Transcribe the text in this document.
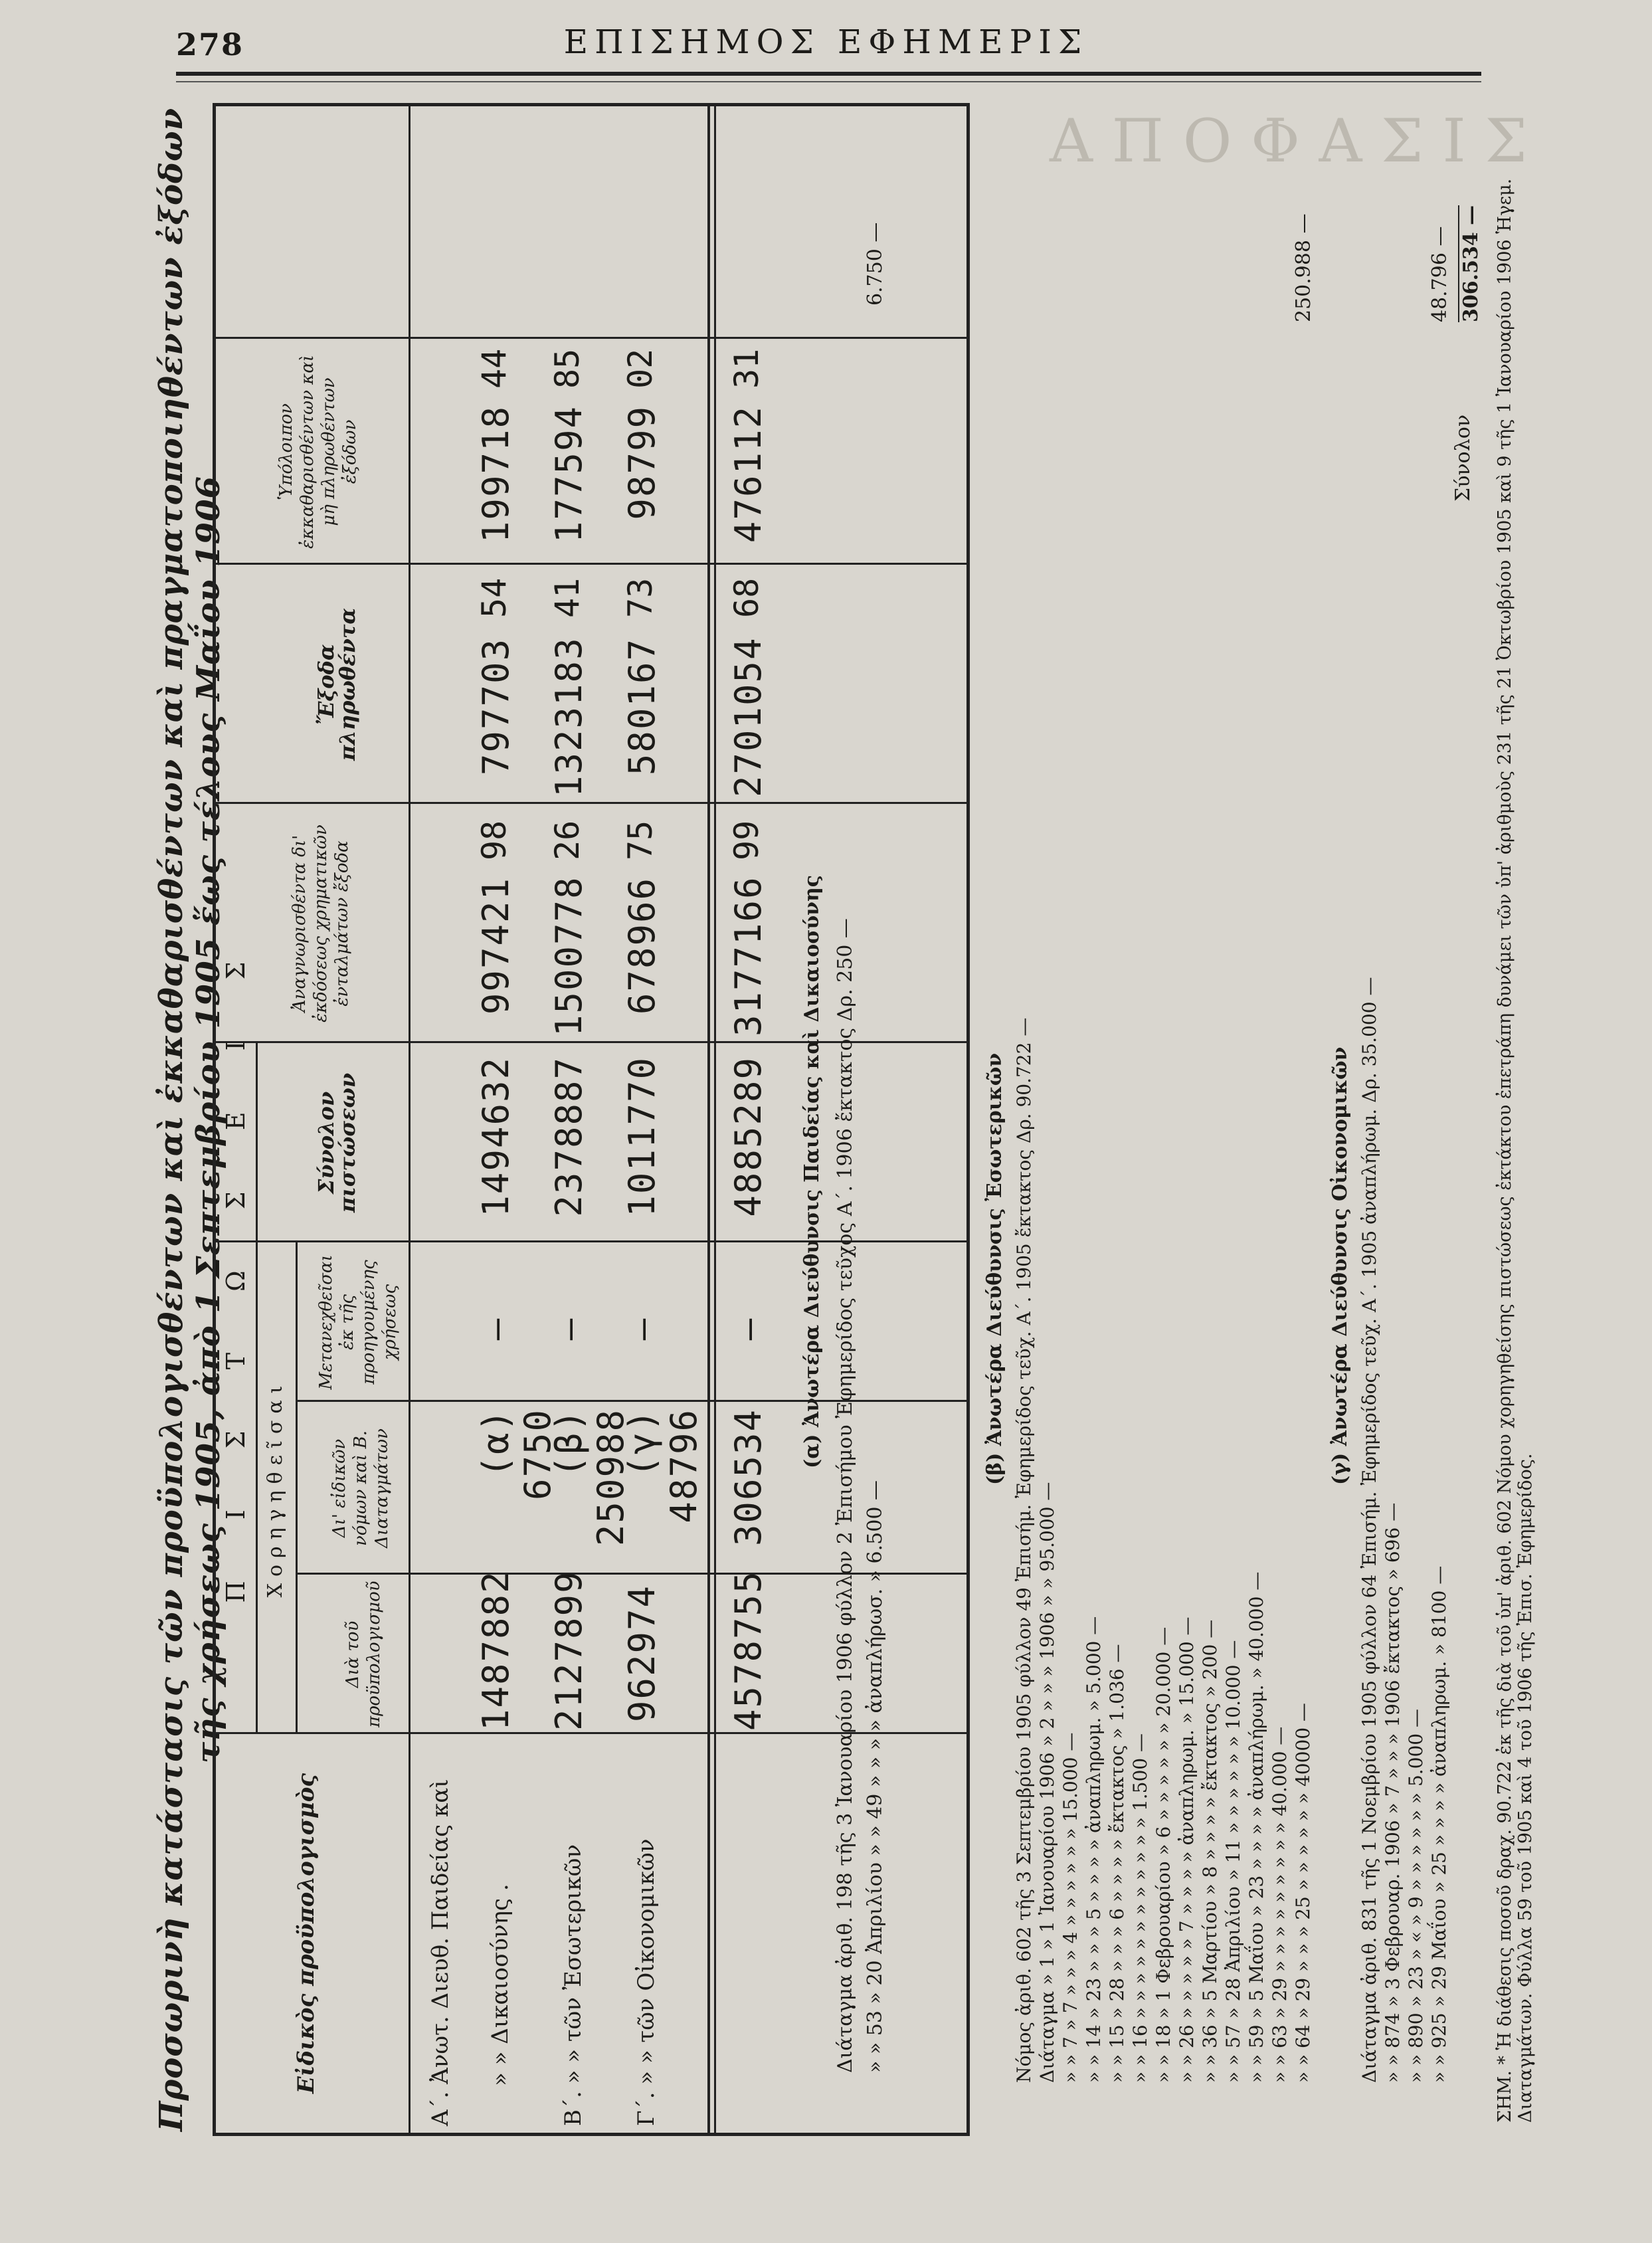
278	ΕΠΙΣΗΜΟΣ ΕΦΗΜΕΡΙΣ
Α Π Ο Φ Α Σ Ι Σ
Προσωρινὴ κατάστασις τῶν προϋπολογισθέντων καὶ ἐκκαθαρισθέντων καὶ πραγματοποιηθέντων ἐξόδων τῆς χρήσεως 1905, ἀπὸ 1 Σεπτεμβρίου 1905 ἕως τέλους Μαΐου 1906
Εἰδικὸς προϋπολογισμὸς
Π Ι Σ Τ Ω Σ Ε Ι Σ Χορηγηθεῖσαι
Διὰ τοῦ προϋπολογισμοῦ
Δι' εἰδικῶν νόμων καὶ Β. Διαταγμάτων
Μετανεχθεῖσαι ἐκ τῆς προηγουμένης χρήσεως
Σύνολον πιστώσεων
Ἀναγνωρισθέντα δι' ἐκδόσεως χρηματικῶν ἐνταλμάτων ἔξοδα
Ἔξοδα πληρωθέντα
Ὑπόλοιπον ἐκκαθαρισθέντων καὶ μὴ πληρωθέντων ἐξόδων
Α΄. Ἀνωτ. Διευθ. Παιδείας καὶ » » Δικαιοσύνης . Β΄. » » τῶν Ἐσωτερικῶν Γ΄. » » τῶν Οἰκονομικῶν
1487882
(α) 6750
—
1494632
997421
98
797703
54
199718
44
2127899
(β) 250988
—
2378887
1500778
26
1323183
41
177594
85
962974
(γ) 48796
—
1011770
678966
75
580167
73
98799
02
4578755
306534
—
4885289
3177166
99
2701054
68
476112
31
(α) Ἀνωτέρα Διεύθυνσις Παιδείας καὶ Δικαιοσύνης Διάταγμα ἀριθ. 198 τῆς 3 Ἰανουαρίου 1906 φύλλον 2 Ἐπισήμου Ἐφημερίδος τεῦχος Α΄. 1906 ἔκτακτος Δρ. 250 — » » 53 » 20 Ἀπριλίου » » 49 » » » » ἀναπλήρωσ. » 6.500 —
6.750 —
(β) Ἀνωτέρα Διεύθυνσις Ἐσωτερικῶν Νόμος ἀριθ. 602 τῆς 3 Σεπτεμβρίου 1905 φύλλον 49 Ἐπισήμ. Ἐφημερίδος τεῦχ. Α΄. 1905 ἔκτακτος Δρ. 90.722 — Διάταγμα » 1 » 1 Ἰανουαρίου 1906 » 2 » » » 1906 » » 95.000 — » » 7 » 7 » » » 4 » » » » » » 15.000 — » » 14 » 23 » » » 5 » » » » ἀναπληρωμ. » 5.000 — » » 15 » 28 » » » 6 » » » » ἔκτακτος » 1.036 — » » 16 » » » » » » » » » » » » 1.500 — » » 18 » 1 Φεβρουαρίου » 6 » » » » » » 20.000 — » » 26 » » » » » 7 » » » » ἀναπληρωμ. » 15.000 — » » 36 » 5 Μαρτίου » 8 » » » » ἔκτακτος » 200 — » » 57 » 28 Ἀπριλίου » 11 » » » » » » 10.000 — » » 59 » 5 Μαΐου » 23 » » » » ἀναπλήρωμ. » 40.000 — » » 63 » 29 » » » » » » » » » 40.000 — » » 64 » 29 » » » 25 » » » » » » 40000 —
250.988 —
(γ) Ἀνωτέρα Διεύθυνσις Οἰκονομικῶν Διάταγμα ἀριθ. 831 τῆς 1 Νοεμβρίου 1905 φύλλον 64 Ἐπισήμ. Ἐφημερίδος τεῦχ. Α΄. 1905 ἀναπλήρωμ. Δρ. 35.000 — » » 874 » 3 Φεβρουαρ. 1906 » 7 » » » 1906 ἔκτακτος » 696 — » » 890 » 23 » « » 9 » » » » » » 5.000 — » » 925 » 29 Μαΐου » 25 » » » » ἀναπληρωμ. » 8100 —
Σύνολον
48.796 — 306.534 — ΣΗΜ. * Ἡ διάθεσις ποσοῦ δραχ. 90.722 ἐκ τῆς διὰ τοῦ ὑπ' ἀριθ. 602 Νόμου χορηγηθείσης πιστώσεως ἐκτάκτου ἐπετράπη δυνάμει τῶν ὑπ' ἀριθμοὺς 231 τῆς 21 Ὀκτωβρίου 1905 καὶ 9 τῆς 1 Ἰανουαρίου 1906 Ἡγεμ. Διαταγμάτων. Φύλλα 59 τοῦ 1905 καὶ 4 τοῦ 1906 τῆς Ἐπισ. Ἐφημερίδος.
